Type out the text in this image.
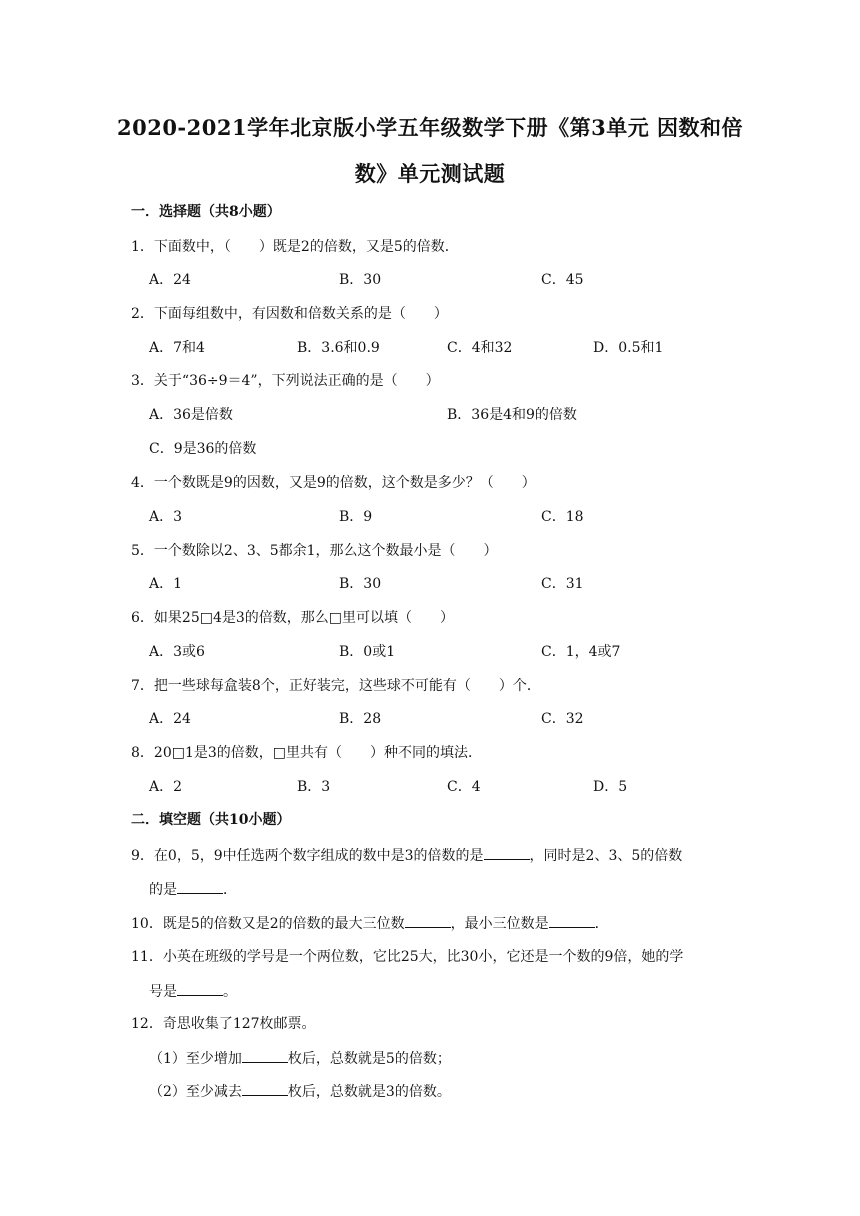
2020-2021学年北京版小学五年级数学下册《第3单元 因数和倍
数》单元测试题
一．选择题（共8小题）
1．下面数中，（　　）既是2的倍数，又是5的倍数．
A．24	B．30	C．45
2．下面每组数中，有因数和倍数关系的是（　　）
A．7和4	B．3.6和0.9	C．4和32	D．0.5和1
3．关于“36÷9＝4”，下列说法正确的是（　　）
A．36是倍数	B．36是4和9的倍数
C．9是36的倍数
4．一个数既是9的因数，又是9的倍数，这个数是多少？（　　）
A．3	B．9	C．18
5．一个数除以2、3、5都余1，那么这个数最小是（　　）
A．1	B．30	C．31
6．如果25□4是3的倍数，那么□里可以填（　　）
A．3或6	B．0或1	C．1，4或7
7．把一些球每盒装8个，正好装完，这些球不可能有（　　）个．
A．24	B．28	C．32
8．20□1是3的倍数，□里共有（　　）种不同的填法．
A．2	B．3	C．4	D．5
二．填空题（共10小题）
9．在0，5，9中任选两个数字组成的数中是3的倍数的是	，同时是2、3、5的倍数
的是	．
10．既是5的倍数又是2的倍数的最大三位数	，最小三位数是	．
11．小英在班级的学号是一个两位数，它比25大，比30小，它还是一个数的9倍，她的学
号是	。
12．奇思收集了127枚邮票。
（1）至少增加	枚后，总数就是5的倍数；
（2）至少减去	枚后，总数就是3的倍数。
